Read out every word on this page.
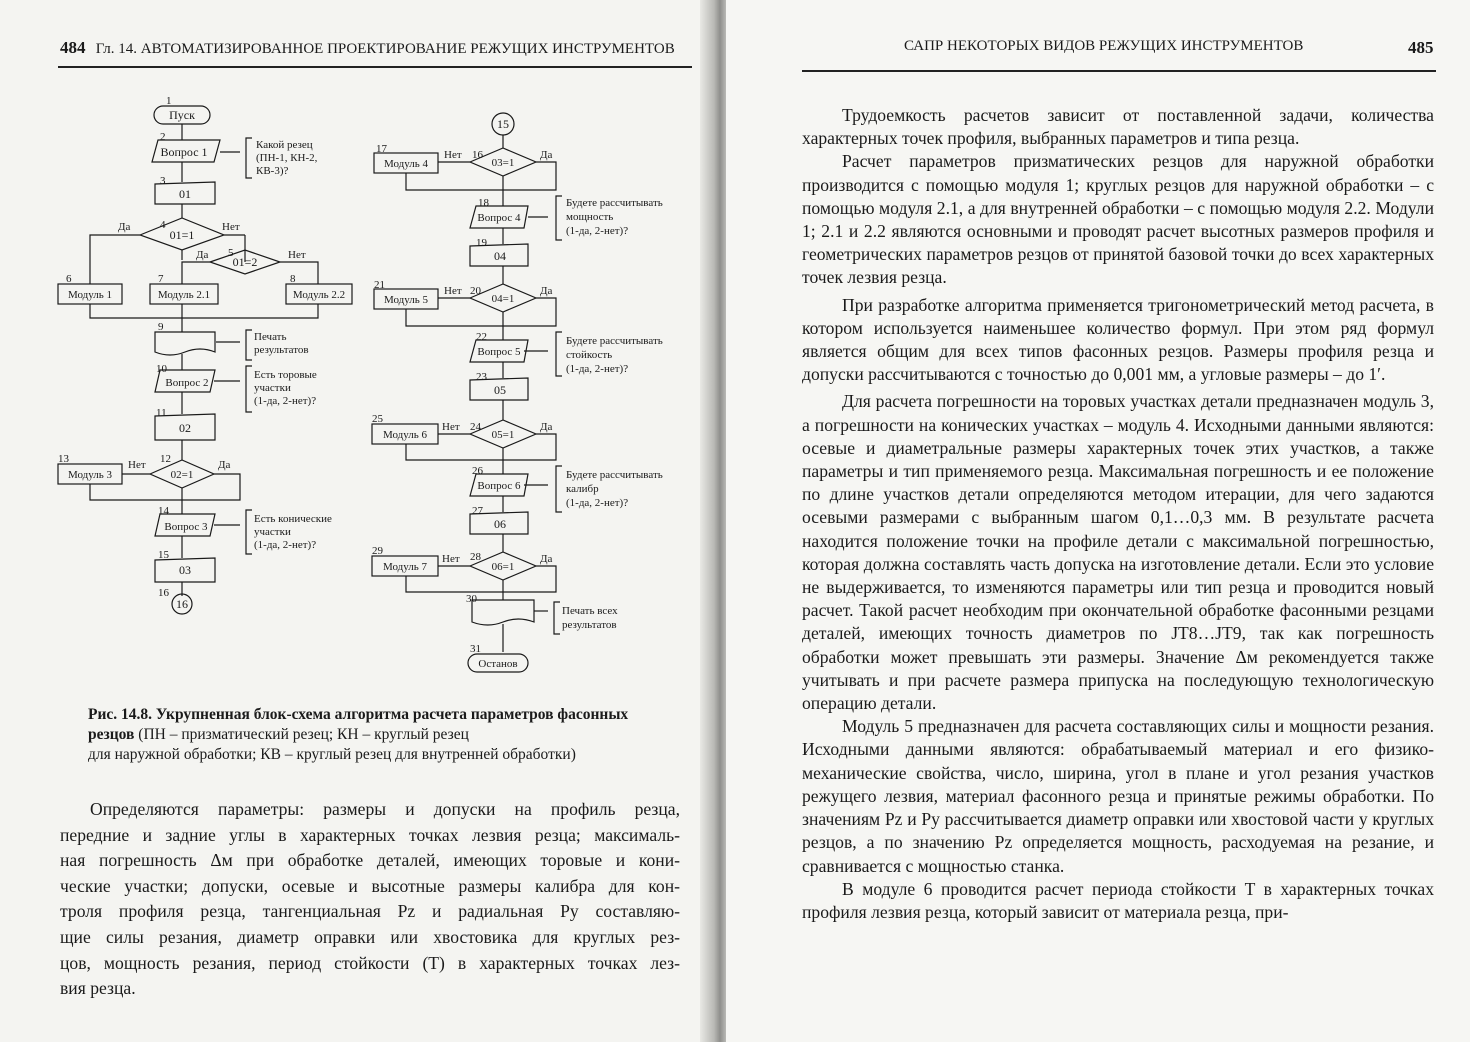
484 Гл. 14. АВТОМАТИЗИРОВАННОЕ ПРОЕКТИРОВАНИЕ РЕЖУЩИХ ИНСТРУМЕНТОВ
Пуск
Вопрос 1
01
01=1
01=2
Да	Нет
Да	Нет
Модуль 1	Модуль 2.1	Модуль 2.2
Вопрос 2
02
02=1
Модуль 3
Нет	Да
Вопрос 3
03
16
15
Модуль 4	03=1
Нет	Да
Вопрос 4
04
Модуль 5	04=1
Нет	Да
Вопрос 5
05
Модуль 6	05=1
Нет	Да
Вопрос 6
06
Модуль 7	06=1
Нет	Да
Останов
Какой резец
(ПН-1, КН-2,
КВ-3)?
Печать
результатов
Есть торовые
участки
(1-да, 2-нет)?
Есть конические
участки
(1-да, 2-нет)?
Будете рассчитывать
мощность
(1-да, 2-нет)?
Будете рассчитывать
стойкость
(1-да, 2-нет)?
Будете рассчитывать
калибр
(1-да, 2-нет)?
Печать всех
результатов
1
2
3
4
5
6	7	8
9
10
11
12
13
14
15
16
17
18
19
16
21
22
23
20
25
26
27
24
29	28
30
31
Рис. 14.8. Укрупненная блок-схема алгоритма расчета параметров фасонных резцов (ПН – призматический резец; КН – круглый резец
для наружной обработки; КВ – круглый резец для внутренней обработки)
Определяются параметры: размеры и допуски на профиль резца,
передние и задние углы в характерных точках лезвия резца; максималь-
ная погрешность Δм при обработке деталей, имеющих торовые и кони-
ческие участки; допуски, осевые и высотные размеры калибра для кон-
троля профиля резца, тангенциальная Pz и радиальная Py составляю-
щие силы резания, диаметр оправки или хвостовика для круглых рез-
цов, мощность резания, период стойкости (T) в характерных точках лез-
вия резца.
САПР НЕКОТОРЫХ ВИДОВ РЕЖУЩИХ ИНСТРУМЕНТОВ	485

Трудоемкость расчетов зависит от поставленной задачи, количества характерных точек профиля, выбранных параметров и типа резца.

Расчет параметров призматических резцов для наружной обработки производится с помощью модуля 1; круглых резцов для наружной обработки – с помощью модуля 2.1, а для внутренней обработки – с помощью модуля 2.2. Модули 1; 2.1 и 2.2 являются основными и проводят расчет высотных размеров профиля и геометрических параметров резцов от принятой базовой точки до всех характерных точек лезвия резца.

При разработке алгоритма применяется тригонометрический метод расчета, в котором используется наименьшее количество формул. При этом ряд формул является общим для всех типов фасонных резцов. Размеры профиля резца и допуски рассчитываются с точностью до 0,001 мм, а угловые размеры – до 1′.

Для расчета погрешности на торовых участках детали предназначен модуль 3, а погрешности на конических участках – модуль 4. Исходными данными являются: осевые и диаметральные размеры характерных точек этих участков, а также параметры и тип применяемого резца. Максимальная погрешность и ее положение по длине участков детали определяются методом итерации, для чего задаются осевыми размерами с выбранным шагом 0,1…0,3 мм. В результате расчета находится положение точки на профиле детали с максимальной погрешностью, которая должна составлять часть допуска на изготовление детали. Если это условие не выдерживается, то изменяются параметры или тип резца и проводится новый расчет. Такой расчет необходим при окончательной обработке фасонными резцами деталей, имеющих точность диаметров по JT8…JT9, так как погрешность обработки может превышать эти размеры. Значение Δм рекомендуется также учитывать и при расчете размера припуска на последующую технологическую операцию детали.

Модуль 5 предназначен для расчета составляющих силы и мощности резания. Исходными данными являются: обрабатываемый материал и его физико-механические свойства, число, ширина, угол в плане и угол резания участков режущего лезвия, материал фасонного резца и принятые режимы обработки. По значениям Pz и Py рассчитывается диаметр оправки или хвостовой части у круглых резцов, а по значению Pz определяется мощность, расходуемая на резание, и сравнивается с мощностью станка.

В модуле 6 проводится расчет периода стойкости T в характерных точках профиля лезвия резца, который зависит от материала резца, при-
